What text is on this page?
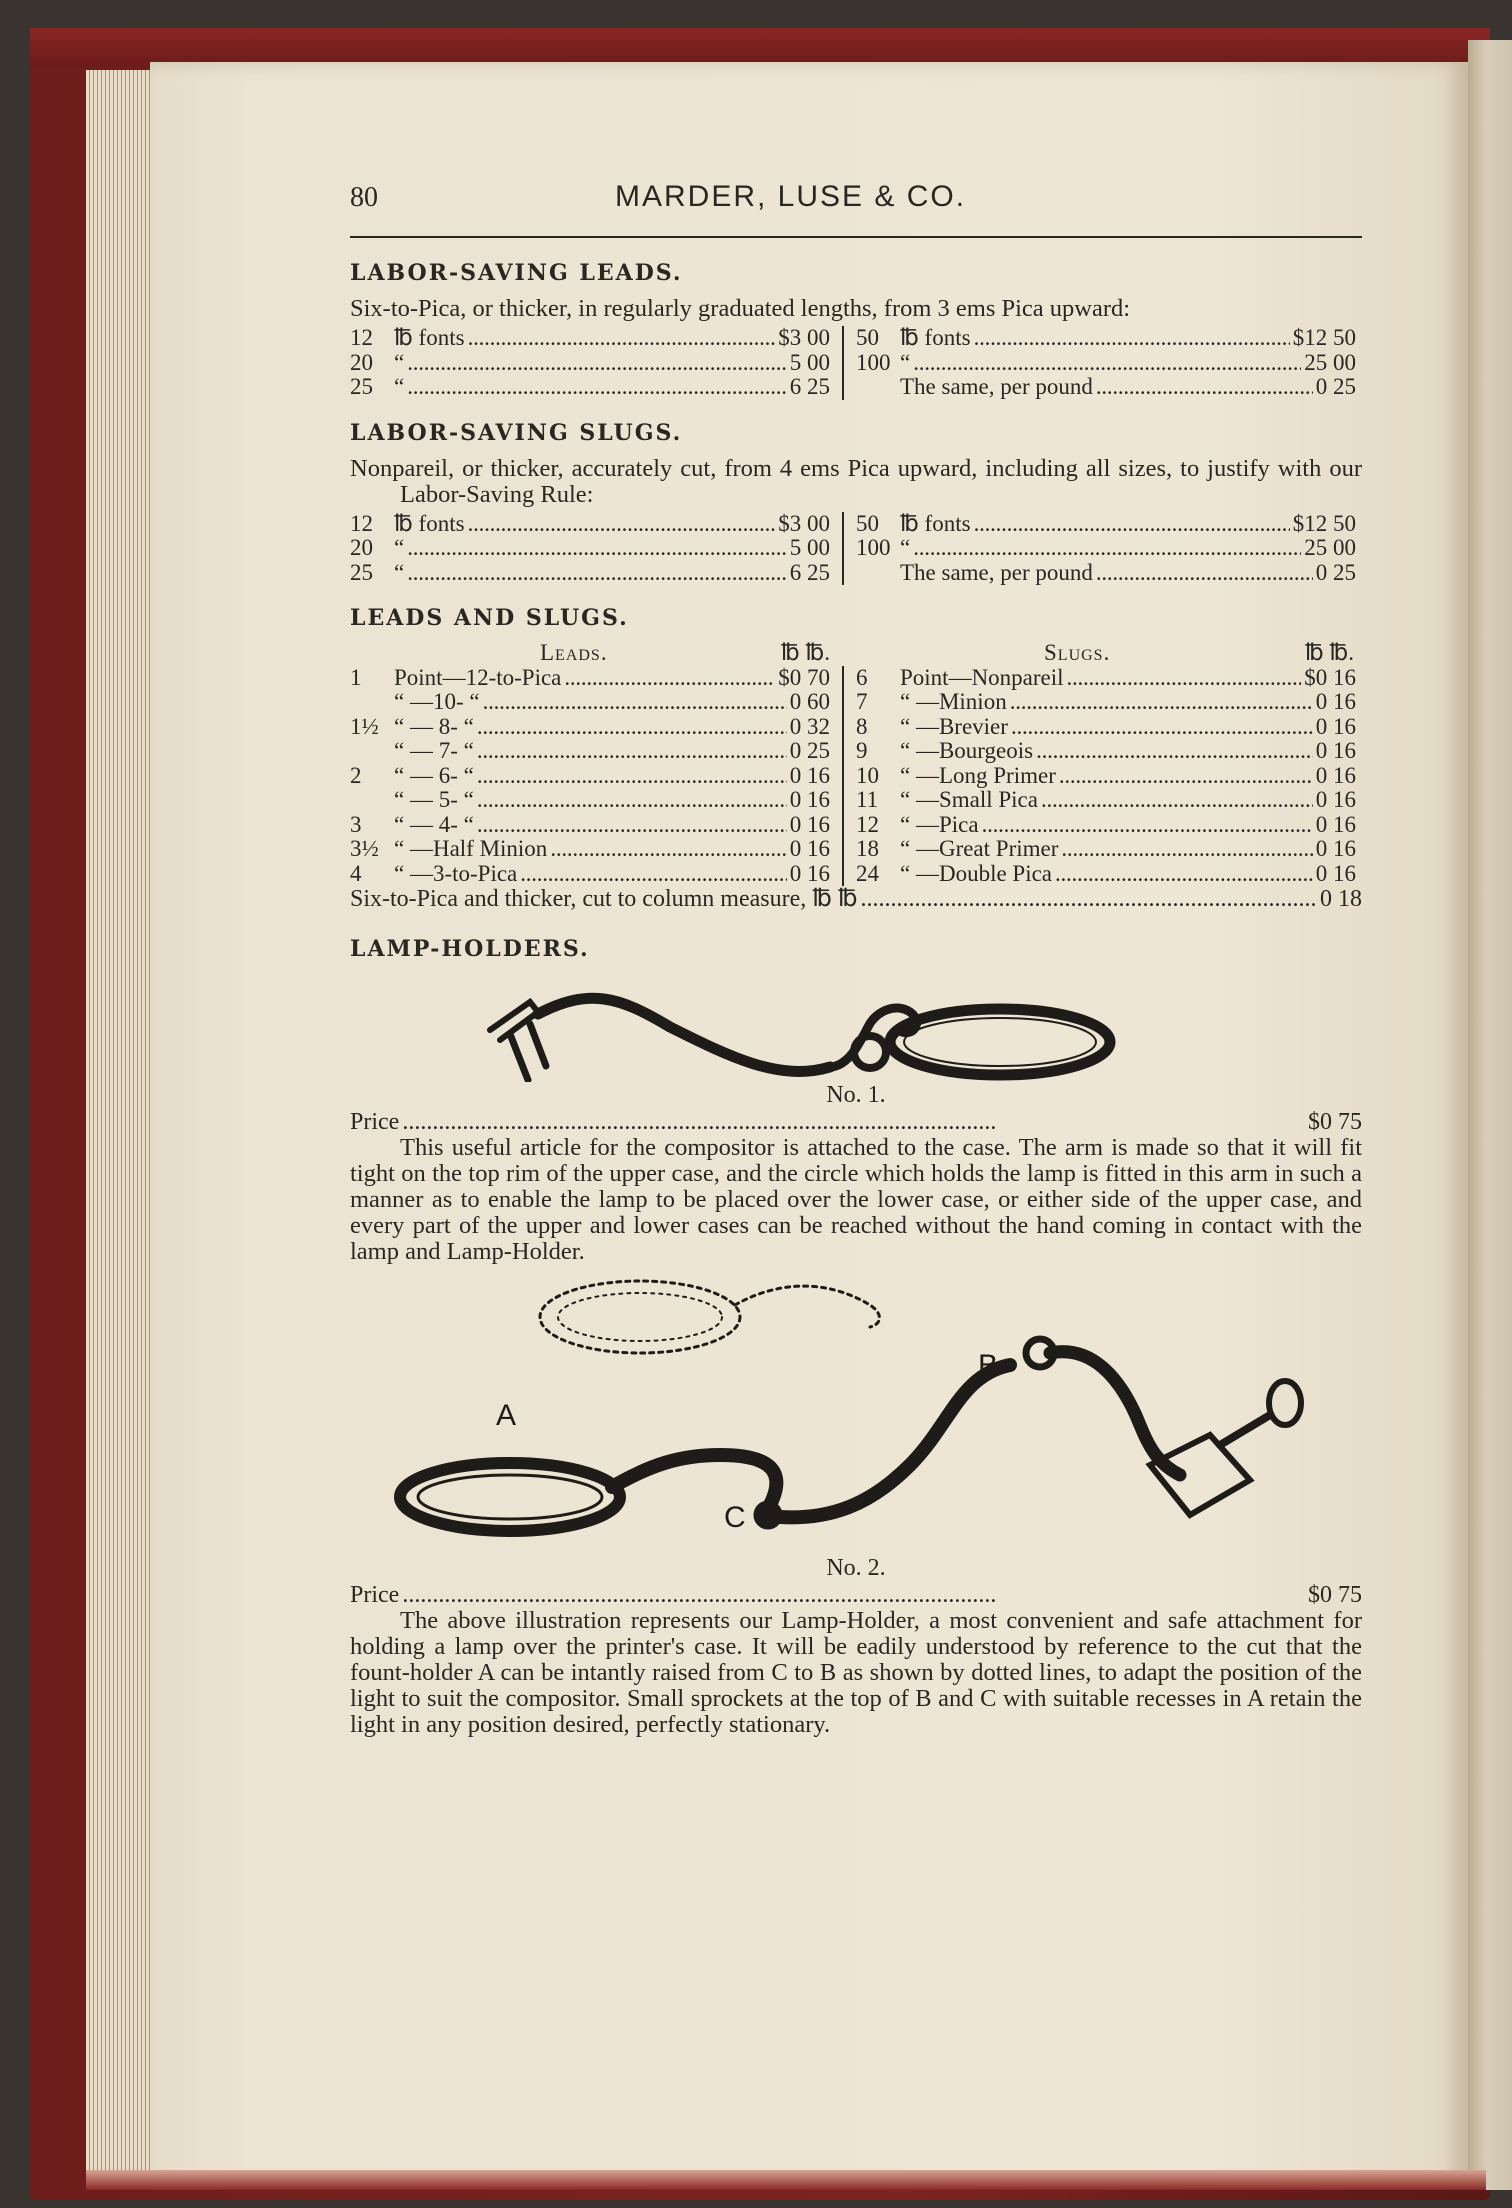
80	MARDER, LUSE & CO.
LABOR-SAVING LEADS.
Six-to-Pica, or thicker, in regularly graduated lengths, from 3 ems Pica upward:
12 ℔ fonts . . .	$3 00
20 “ . . .	5 00
25 “ . . .	6 25
50 ℔ fonts . . .	$12 50
100 “ . . .	25 00
The same, per pound . . .	0 25
LABOR-SAVING SLUGS.
Nonpareil, or thicker, accurately cut, from 4 ems Pica upward, including all sizes, to justify with our Labor-Saving Rule:
12 ℔ fonts . . .	$3 00
20 “ . . .	5 00
25 “ . . .	6 25
50 ℔ fonts . . .	$12 50
100 “ . . .	25 00
The same, per pound . . .	0 25
LEADS AND SLUGS.
Leads.	℔ ℔.	Slugs.	℔ ℔.
1	Point—12-to-Pica . . .	$0 70
“ —10- “ . . .	0 60
1½ “ — 8- “ . . .	0 32
“ — 7- “ . . .	0 25
2	“ — 6- “ . . .	0 16
“ — 5- “ . . .	0 16
3	“ — 4- “ . . .	0 16
3½ “ —Half Minion . . .	0 16
4	“ —3-to-Pica . . .	0 16
6	Point—Nonpareil . . .	$0 16
7	“ —Minion . . .	0 16
8	“ —Brevier . . .	0 16
9	“ —Bourgeois . . .	0 16
10 “ —Long Primer . . .	0 16
11 “ —Small Pica . . .	0 16
12 “ —Pica . . .	0 16
18 “ —Great Primer . . .	0 16
24 “ —Double Pica . . .	0 16
Six-to-Pica and thicker, cut to column measure, ℔ ℔ . . .	0 18
LAMP-HOLDERS.
No. 1.
Price . . .	$0 75
This useful article for the compositor is attached to the case. The arm is made so that it will fit tight on the top rim of the upper case, and the circle which holds the lamp is fitted in this arm in such a manner as to enable the lamp to be placed over the lower case, or either side of the upper case, and every part of the upper and lower cases can be reached without the hand coming in contact with the lamp and Lamp-Holder.
A
B
C
No. 2.
Price . . .	$0 75
The above illustration represents our Lamp-Holder, a most convenient and safe attachment for holding a lamp over the printer's case. It will be eadily understood by reference to the cut that the fount-holder A can be intantly raised from C to B as shown by dotted lines, to adapt the position of the light to suit the compositor. Small sprockets at the top of B and C with suitable recesses in A retain the light in any position desired, perfectly stationary.
